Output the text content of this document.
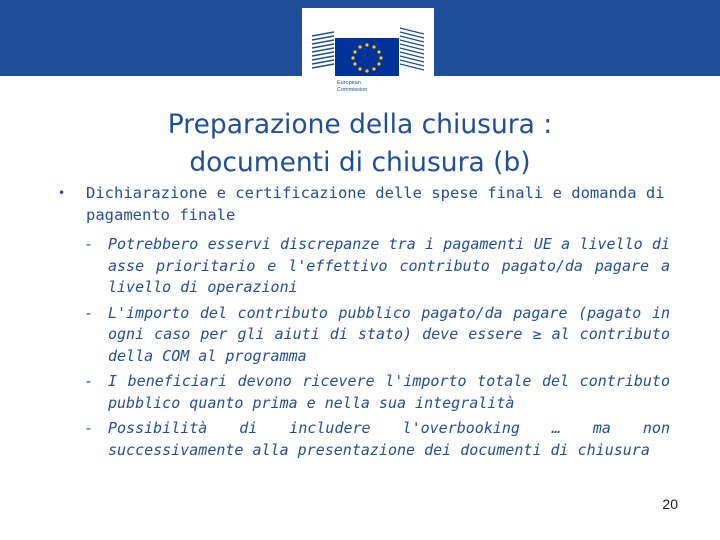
European
Commission
Preparazione della chiusura :
documenti di chiusura (b)
• Dichiarazione e certificazione delle spese finali e domanda di pagamento finale
- Potrebbero esservi discrepanze tra i pagamenti UE a livello di asse prioritario e l'effettivo contributo pagato/da pagare a livello di operazioni
- L'importo del contributo pubblico pagato/da pagare (pagato in ogni caso per gli aiuti di stato) deve essere ≥ al contributo della COM al programma
- I beneficiari devono ricevere l'importo totale del contributo pubblico quanto prima e nella sua integralità
- Possibilità di includere l'overbooking … ma non successivamente alla presentazione dei documenti di chiusura
20
